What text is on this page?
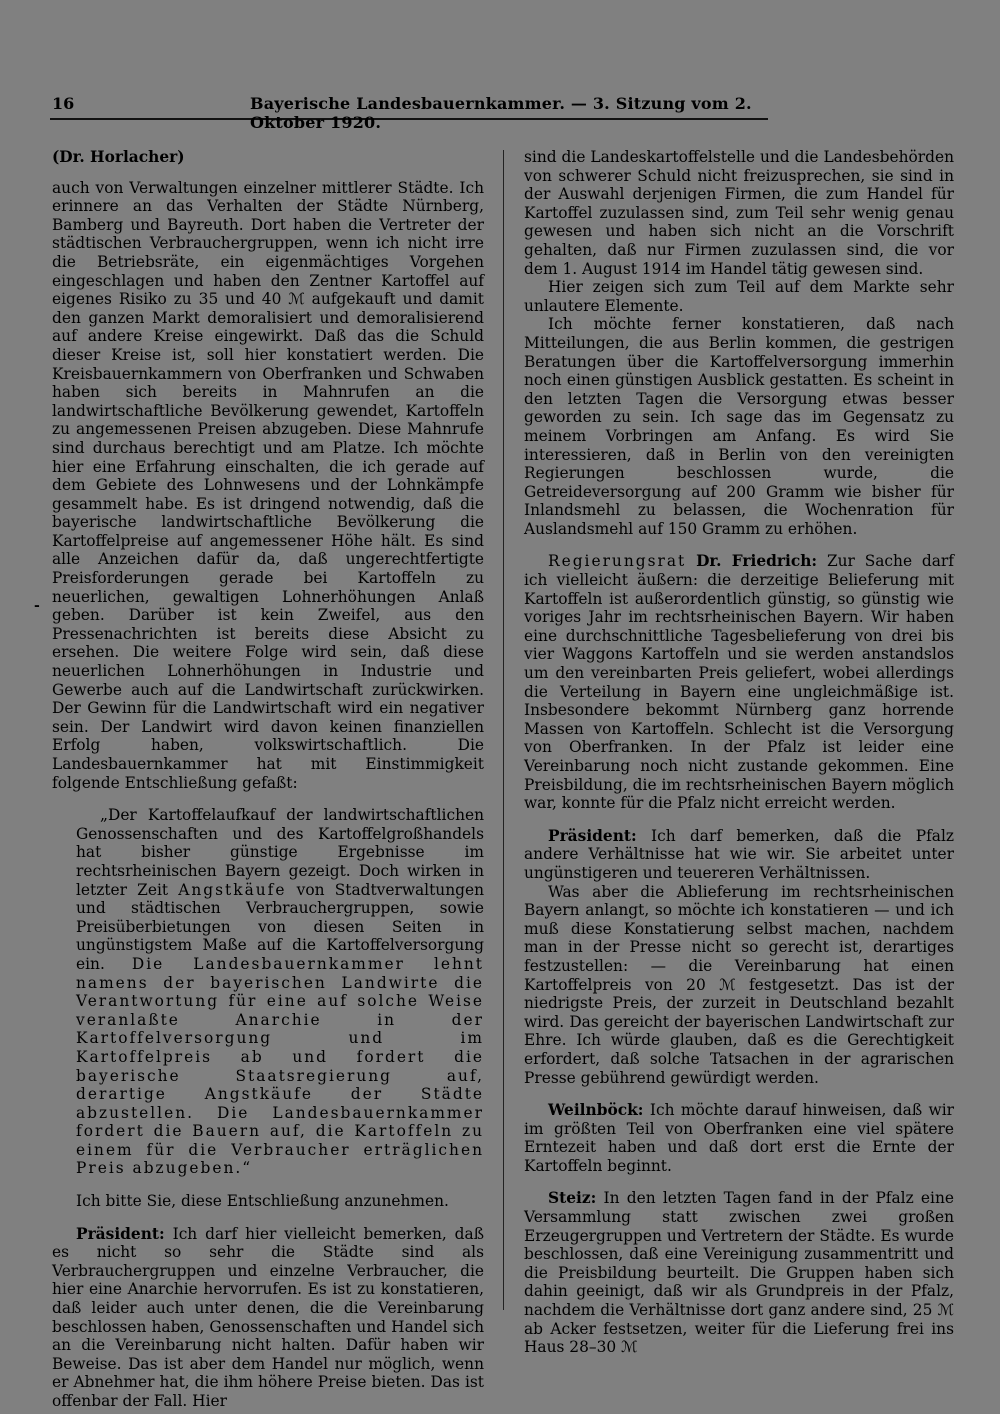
16	Bayerische Landesbauernkammer. — 3. Sitzung vom 2. Oktober 1920.

(Dr. Horlacher)

auch von Verwaltungen einzelner mittlerer Städte. Ich erinnere an das Verhalten der Städte Nürnberg, Bamberg und Bayreuth. Dort haben die Vertreter der städtischen Verbrauchergruppen, wenn ich nicht irre die Betriebsräte, ein eigenmächtiges Vorgehen eingeschlagen und haben den Zentner Kartoffel auf eigenes Risiko zu 35 und 40 ℳ aufgekauft und damit den ganzen Markt demoralisiert und demoralisierend auf andere Kreise eingewirkt. Daß das die Schuld dieser Kreise ist, soll hier konstatiert werden. Die Kreisbauernkammern von Oberfranken und Schwaben haben sich bereits in Mahnrufen an die landwirtschaftliche Bevölkerung gewendet, Kartoffeln zu angemessenen Preisen abzugeben. Diese Mahnrufe sind durchaus berechtigt und am Platze. Ich möchte hier eine Erfahrung einschalten, die ich gerade auf dem Gebiete des Lohnwesens und der Lohnkämpfe gesammelt habe. Es ist dringend notwendig, daß die bayerische landwirtschaftliche Bevölkerung die Kartoffelpreise auf angemessener Höhe hält. Es sind alle Anzeichen dafür da, daß ungerechtfertigte Preisforderungen gerade bei Kartoffeln zu neuerlichen, gewaltigen Lohnerhöhungen Anlaß geben. Darüber ist kein Zweifel, aus den Pressenachrichten ist bereits diese Absicht zu ersehen. Die weitere Folge wird sein, daß diese neuerlichen Lohnerhöhungen in Industrie und Gewerbe auch auf die Landwirtschaft zurückwirken. Der Gewinn für die Landwirtschaft wird ein negativer sein. Der Landwirt wird davon keinen finanziellen Erfolg haben, volkswirtschaftlich. Die Landesbauernkammer hat mit Einstimmigkeit folgende Entschließung gefaßt:

„Der Kartoffelaufkauf der landwirtschaftlichen Genossenschaften und des Kartoffelgroßhandels hat bisher günstige Ergebnisse im rechtsrheinischen Bayern gezeigt. Doch wirken in letzter Zeit Angstkäufe von Stadtverwaltungen und städtischen Verbrauchergruppen, sowie Preisüberbietungen von diesen Seiten in ungünstigstem Maße auf die Kartoffelversorgung ein. Die Landesbauernkammer lehnt namens der bayerischen Landwirte die Verantwortung für eine auf solche Weise veranlaßte Anarchie in der Kartoffelversorgung und im Kartoffelpreis ab und fordert die bayerische Staatsregierung auf, derartige Angstkäufe der Städte abzustellen. Die Landesbauernkammer fordert die Bauern auf, die Kartoffeln zu einem für die Verbraucher erträglichen Preis abzugeben.“

Ich bitte Sie, diese Entschließung anzunehmen.

Präsident: Ich darf hier vielleicht bemerken, daß es nicht so sehr die Städte sind als Verbrauchergruppen und einzelne Verbraucher, die hier eine Anarchie hervorrufen. Es ist zu konstatieren, daß leider auch unter denen, die die Vereinbarung beschlossen haben, Genossenschaften und Handel sich an die Vereinbarung nicht halten. Dafür haben wir Beweise. Das ist aber dem Handel nur möglich, wenn er Abnehmer hat, die ihm höhere Preise bieten. Das ist offenbar der Fall. Hier

sind die Landeskartoffelstelle und die Landesbehörden von schwerer Schuld nicht freizusprechen, sie sind in der Auswahl derjenigen Firmen, die zum Handel für Kartoffel zuzulassen sind, zum Teil sehr wenig genau gewesen und haben sich nicht an die Vorschrift gehalten, daß nur Firmen zuzulassen sind, die vor dem 1. August 1914 im Handel tätig gewesen sind.

Hier zeigen sich zum Teil auf dem Markte sehr unlautere Elemente.

Ich möchte ferner konstatieren, daß nach Mitteilungen, die aus Berlin kommen, die gestrigen Beratungen über die Kartoffelversorgung immerhin noch einen günstigen Ausblick gestatten. Es scheint in den letzten Tagen die Versorgung etwas besser geworden zu sein. Ich sage das im Gegensatz zu meinem Vorbringen am Anfang. Es wird Sie interessieren, daß in Berlin von den vereinigten Regierungen beschlossen wurde, die Getreideversorgung auf 200 Gramm wie bisher für Inlandsmehl zu belassen, die Wochenration für Auslandsmehl auf 150 Gramm zu erhöhen.

Regierungsrat Dr. Friedrich: Zur Sache darf ich vielleicht äußern: die derzeitige Belieferung mit Kartoffeln ist außerordentlich günstig, so günstig wie voriges Jahr im rechtsrheinischen Bayern. Wir haben eine durchschnittliche Tagesbelieferung von drei bis vier Waggons Kartoffeln und sie werden anstandslos um den vereinbarten Preis geliefert, wobei allerdings die Verteilung in Bayern eine ungleichmäßige ist. Insbesondere bekommt Nürnberg ganz horrende Massen von Kartoffeln. Schlecht ist die Versorgung von Oberfranken. In der Pfalz ist leider eine Vereinbarung noch nicht zustande gekommen. Eine Preisbildung, die im rechtsrheinischen Bayern möglich war, konnte für die Pfalz nicht erreicht werden.

Präsident: Ich darf bemerken, daß die Pfalz andere Verhältnisse hat wie wir. Sie arbeitet unter ungünstigeren und teuereren Verhältnissen.

Was aber die Ablieferung im rechtsrheinischen Bayern anlangt, so möchte ich konstatieren — und ich muß diese Konstatierung selbst machen, nachdem man in der Presse nicht so gerecht ist, derartiges festzustellen: — die Vereinbarung hat einen Kartoffelpreis von 20 ℳ festgesetzt. Das ist der niedrigste Preis, der zurzeit in Deutschland bezahlt wird. Das gereicht der bayerischen Landwirtschaft zur Ehre. Ich würde glauben, daß es die Gerechtigkeit erfordert, daß solche Tatsachen in der agrarischen Presse gebührend gewürdigt werden.

Weilnböck: Ich möchte darauf hinweisen, daß wir im größten Teil von Oberfranken eine viel spätere Erntezeit haben und daß dort erst die Ernte der Kartoffeln beginnt.

Steiz: In den letzten Tagen fand in der Pfalz eine Versammlung statt zwischen zwei großen Erzeugergruppen und Vertretern der Städte. Es wurde beschlossen, daß eine Vereinigung zusammentritt und die Preisbildung beurteilt. Die Gruppen haben sich dahin geeinigt, daß wir als Grundpreis in der Pfalz, nachdem die Verhältnisse dort ganz andere sind, 25 ℳ ab Acker festsetzen, weiter für die Lieferung frei ins Haus 28–30 ℳ

-
